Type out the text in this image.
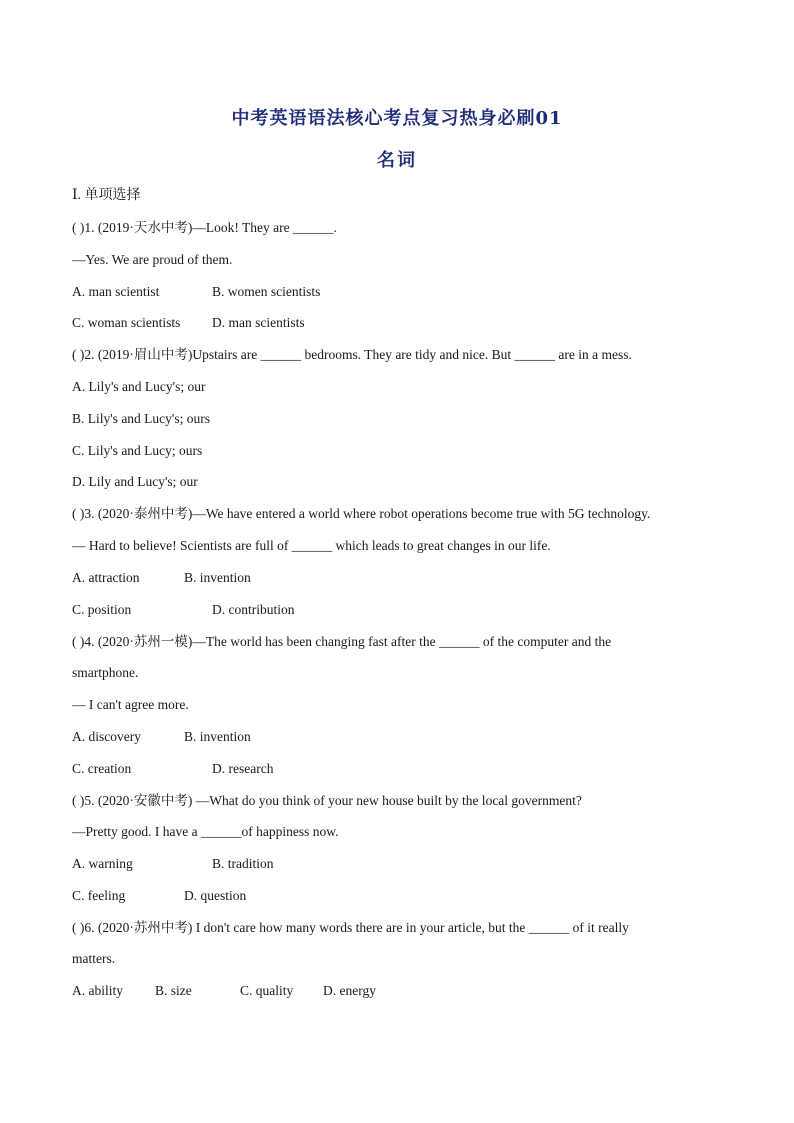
中考英语语法核心考点复习热身必刷01
名词
Ⅰ. 单项选择
( )1. (2019·天水中考)—Look! They are ______.
—Yes. We are proud of them.
A. man scientist	B. women scientists
C. woman scientists D. man scientists
( )2. (2019·眉山中考)Upstairs are ______ bedrooms. They are tidy and nice. But ______ are in a mess.
A. Lily's and Lucy's; our
B. Lily's and Lucy's; ours
C. Lily's and Lucy; ours
D. Lily and Lucy's; our
( )3. (2020·泰州中考)—We have entered a world where robot operations become true with 5G technology.
— Hard to believe! Scientists are full of ______ which leads to great changes in our life.
A. attraction	B. invention
C. position	D. contribution
( )4. (2020·苏州一模)—The world has been changing fast after the ______ of the computer and the
smartphone.
— I can't agree more.
A. discovery	B. invention
C. creation	D. research
( )5. (2020·安徽中考) —What do you think of your new house built by the local government?
—Pretty good. I have a ______of happiness now.
A. warning	B. tradition
C. feeling	D. question
( )6. (2020·苏州中考) I don't care how many words there are in your article, but the ______ of it really
matters.
A. ability B. size	C. quality D. energy
